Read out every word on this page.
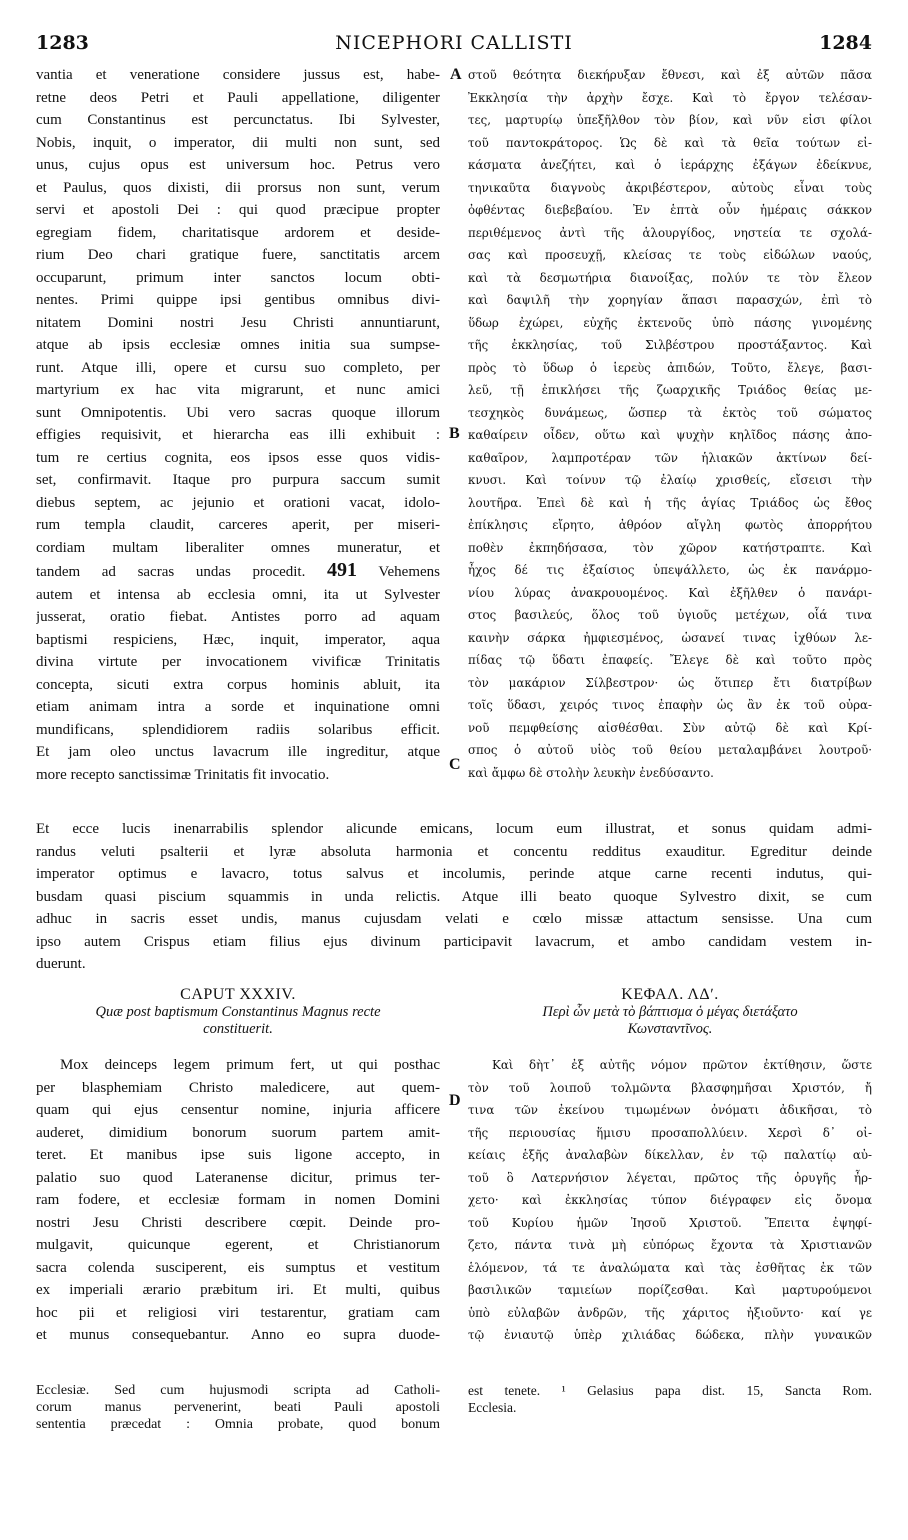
1283	NICEPHORI CALLISTI	1284
A
B
C
D
vantia et veneratione considere jussus est, habe-
retne deos Petri et Pauli appellatione, diligenter
cum Constantinus est percunctatus. Ibi Sylvester,
Nobis, inquit, o imperator, dii multi non sunt, sed
unus, cujus opus est universum hoc. Petrus vero
et Paulus, quos dixisti, dii prorsus non sunt, verum
servi et apostoli Dei : qui quod præcipue propter
egregiam fidem, charitatisque ardorem et deside-
rium Deo chari gratique fuere, sanctitatis arcem
occuparunt, primum inter sanctos locum obti-
nentes. Primi quippe ipsi gentibus omnibus divi-
nitatem Domini nostri Jesu Christi annuntiarunt,
atque ab ipsis ecclesiæ omnes initia sua sumpse-
runt. Atque illi, opere et cursu suo completo, per
martyrium ex hac vita migrarunt, et nunc amici
sunt Omnipotentis. Ubi vero sacras quoque illorum
effigies requisivit, et hierarcha eas illi exhibuit :
tum re certius cognita, eos ipsos esse quos vidis-
set, confirmavit. Itaque pro purpura saccum sumit
diebus septem, ac jejunio et orationi vacat, idolo-
rum templa claudit, carceres aperit, per miseri-
cordiam multam liberaliter omnes muneratur, et
tandem ad sacras undas procedit. 491 Vehemens
autem et intensa ab ecclesia omni, ita ut Sylvester
jusserat, oratio fiebat. Antistes porro ad aquam
baptismi respiciens, Hæc, inquit, imperator, aqua
divina virtute per invocationem vivificæ Trinitatis
concepta, sicuti extra corpus hominis abluit, ita
etiam animam intra a sorde et inquinatione omni
mundificans, splendidiorem radiis solaribus efficit.
Et jam oleo unctus lavacrum ille ingreditur, atque
more recepto sanctissimæ Trinitatis fit invocatio.
στοῦ θεότητα διεκήρυξαν ἔθνεσι, καὶ ἐξ αὐτῶν πᾶσα
Ἐκκλησία τὴν ἀρχὴν ἔσχε. Καὶ τὸ ἔργον τελέσαν-
τες, μαρτυρίῳ ὑπεξῆλθον τὸν βίον, καὶ νῦν εἰσι φίλοι
τοῦ παντοκράτορος. Ὡς δὲ καὶ τὰ θεῖα τούτων εἰ-
κάσματα ἀνεζήτει, καὶ ὁ ἱεράρχης ἐξάγων ἐδείκνυε,
τηνικαῦτα διαγνοὺς ἀκριβέστερον, αὐτοὺς εἶναι τοὺς
ὀφθέντας διεβεβαίου. Ἐν ἑπτὰ οὖν ἡμέραις σάκκον
περιθέμενος ἀντὶ τῆς ἁλουργίδος, νηστεία τε σχολά-
σας καὶ προσευχῇ, κλείσας τε τοὺς εἰδώλων ναούς,
καὶ τὰ δεσμωτήρια διανοίξας, πολύν τε τὸν ἔλεον
καὶ δαψιλῆ τὴν χορηγίαν ἅπασι παρασχών, ἐπὶ τὸ
ὕδωρ ἐχώρει, εὐχῆς ἐκτενοῦς ὑπὸ πάσης γινομένης
τῆς ἐκκλησίας, τοῦ Σιλβέστρου προστάξαντος. Καὶ
πρὸς τὸ ὕδωρ ὁ ἱερεὺς ἀπιδών, Τοῦτο, ἔλεγε, βασι-
λεῦ, τῇ ἐπικλήσει τῆς ζωαρχικῆς Τριάδος θείας με-
τεσχηκὸς δυνάμεως, ὥσπερ τὰ ἐκτὸς τοῦ σώματος
καθαίρειν οἶδεν, οὕτω καὶ ψυχὴν κηλῖδος πάσης ἀπο-
καθαῖρον, λαμπροτέραν τῶν ἡλιακῶν ἀκτίνων δεί-
κνυσι. Καὶ τοίνυν τῷ ἐλαίῳ χρισθείς, εἴσεισι τὴν
λουτῆρα. Ἐπεὶ δὲ καὶ ἡ τῆς ἁγίας Τριάδος ὡς ἔθος
ἐπίκλησις εἴρητο, ἀθρόον αἴγλη φωτὸς ἀπορρήτου
ποθὲν ἐκπηδήσασα, τὸν χῶρον κατήστραπτε. Καὶ
ἦχος δέ τις ἐξαίσιος ὑπεψάλλετο, ὡς ἐκ πανάρμο-
νίου λύρας ἀνακρουομένος. Καὶ ἐξῆλθεν ὁ πανάρι-
στος βασιλεύς, ὅλος τοῦ ὑγιοῦς μετέχων, οἷά τινα
καινὴν σάρκα ἠμφιεσμένος, ὡσανεί τινας ἰχθύων λε-
πίδας τῷ ὕδατι ἐπαφείς. Ἔλεγε δὲ καὶ τοῦτο πρὸς
τὸν μακάριον Σίλβεστρον· ὡς ὅτιπερ ἔτι διατρίβων
τοῖς ὕδασι, χειρός τινος ἐπαφὴν ὡς ἂν ἐκ τοῦ οὐρα-
νοῦ πεμφθείσης αἰσθέσθαι. Σὺν αὐτῷ δὲ καὶ Κρί-
σπος ὁ αὐτοῦ υἱὸς τοῦ θείου μεταλαμβάνει λουτροῦ·
καὶ ἄμφω δὲ στολὴν λευκὴν ἐνεδύσαντο.
Et ecce lucis inenarrabilis splendor alicunde emicans, locum eum illustrat, et sonus quidam admi-
randus veluti psalterii et lyræ absoluta harmonia et concentu redditus exauditur. Egreditur deinde
imperator optimus e lavacro, totus salvus et incolumis, perinde atque carne recenti indutus, qui-
busdam quasi piscium squammis in unda relictis. Atque illi beato quoque Sylvestro dixit, se cum
adhuc in sacris esset undis, manus cujusdam velati e cœlo missæ attactum sensisse. Una cum
ipso autem Crispus etiam filius ejus divinum participavit lavacrum, et ambo candidam vestem in-
duerunt.
CAPUT XXXIV.
Quæ post baptismum Constantinus Magnus recte
constituerit.
ΚΕΦΑΛ. ΛΔʹ.
Περὶ ὧν μετὰ τὸ βάπτισμα ὁ μέγας διετάξατο
Κωνσταντῖνος.
Mox deinceps legem primum fert, ut qui posthac
per blasphemiam Christo maledicere, aut quem-
quam qui ejus censentur nomine, injuria afficere
auderet, dimidium bonorum suorum partem amit-
teret. Et manibus ipse suis ligone accepto, in
palatio suo quod Lateranense dicitur, primus ter-
ram fodere, et ecclesiæ formam in nomen Domini
nostri Jesu Christi describere cœpit. Deinde pro-
mulgavit, quicunque egerent, et Christianorum
sacra colenda susciperent, eis sumptus et vestitum
ex imperiali ærario præbitum iri. Et multi, quibus
hoc pii et religiosi viri testarentur, gratiam cam
et munus consequebantur. Anno eo supra duode-
Καὶ δὴτ᾽ ἐξ αὐτῆς νόμον πρῶτον ἐκτίθησιν, ὥστε
τὸν τοῦ λοιποῦ τολμῶντα βλασφημῆσαι Χριστόν, ἤ
τινα τῶν ἐκείνου τιμωμένων ὀνόματι ἀδικῆσαι, τὸ
τῆς περιουσίας ἥμισυ προσαπολλύειν. Χερσὶ δ᾽ οἰ-
κείαις ἑξῆς ἀναλαβὼν δίκελλαν, ἐν τῷ παλατίῳ αὐ-
τοῦ ὃ Λατερνήσιον λέγεται, πρῶτος τῆς ὀρυγῆς ἦρ-
χετο· καὶ ἐκκλησίας τύπον διέγραφεν εἰς ὄνομα
τοῦ Κυρίου ἡμῶν Ἰησοῦ Χριστοῦ. Ἔπειτα ἐψηφί-
ζετο, πάντα τινὰ μὴ εὐπόρως ἔχοντα τὰ Χριστιανῶν
ἑλόμενον, τά τε ἀναλώματα καὶ τὰς ἐσθῆτας ἐκ τῶν
βασιλικῶν ταμιείων πορίζεσθαι. Καὶ μαρτυρούμενοι
ὑπὸ εὐλαβῶν ἀνδρῶν, τῆς χάριτος ἠξιοῦντο· καί γε
τῷ ἐνιαυτῷ ὑπὲρ χιλιάδας δώδεκα, πλὴν γυναικῶν
Ecclesiæ. Sed cum hujusmodi scripta ad Catholi-
corum manus pervenerint, beati Pauli apostoli
sententia præcedat : Omnia probate, quod bonum
est tenete. ¹ Gelasius papa dist. 15, Sancta Rom.
Ecclesia.
